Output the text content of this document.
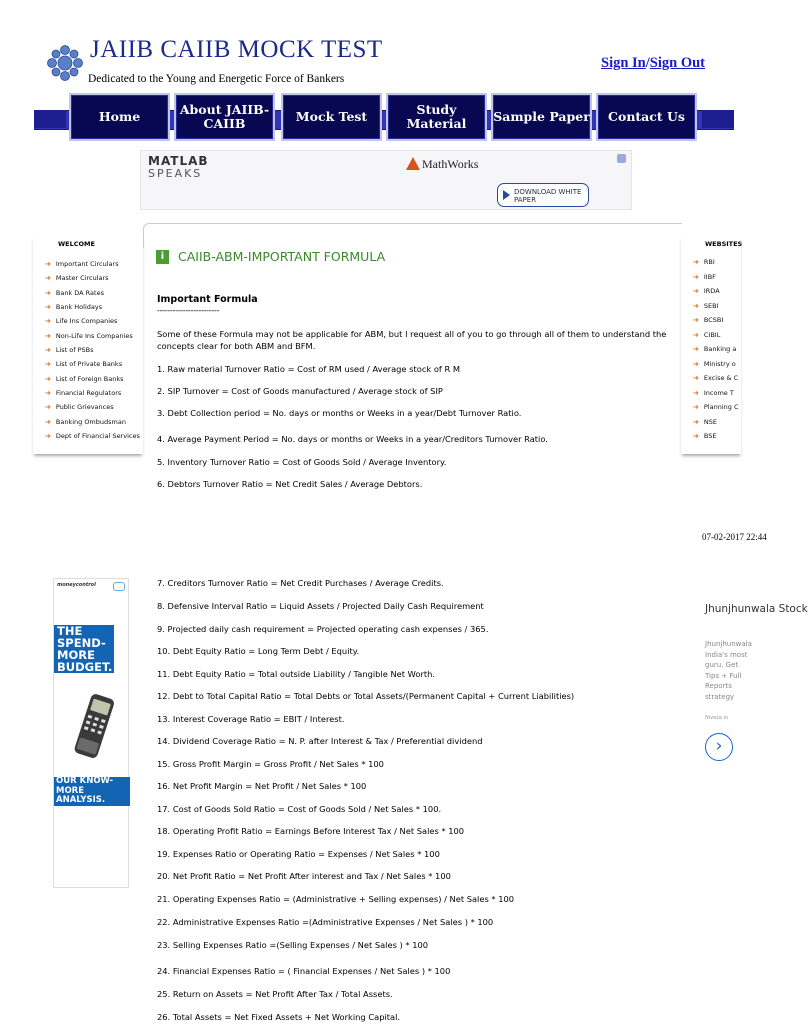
JAIIB CAIIB MOCK TEST
Dedicated to the Young and Energetic Force of Bankers
Sign In/Sign Out
Home	About JAIIB-CAIIB	Mock Test	Study Material	Sample Paper	Contact Us
MATLAB
SPEAKS
MathWorks
DOWNLOAD WHITE PAPER
WELCOME
➜ Important Circulars
➜ Master Circulars
➜ Bank DA Rates
➜ Bank Holidays
➜ Life Ins Companies
➜ Non-Life Ins Companies
➜ List of PSBs
➜ List of Private Banks
➜ List of Foreign Banks
➜ Financial Regulators
➜ Public Grievances
➜ Banking Ombudsman
➜ Dept of Financial Services
WEBSITES
➜ RBI
➜ IIBF
➜ IRDA
➜ SEBI
➜ BCSBI
➜ CIBIL
➜ Banking a
➜ Ministry o
➜ Excise & C
➜ Income T
➜ Planning C
➜ NSE
➜ BSE
i	CAIIB-ABM-IMPORTANT FORMULA
Important Formula
------------------------
Some of these Formula may not be applicable for ABM, but I request all of you to go through all of them to understand the concepts clear for both ABM and BFM.
1. Raw material Turnover Ratio = Cost of RM used / Average stock of R M
2. SIP Turnover = Cost of Goods manufactured / Average stock of SIP
3. Debt Collection period = No. days or months or Weeks in a year/Debt Turnover Ratio.
4. Average Payment Period = No. days or months or Weeks in a year/Creditors Turnover Ratio.
5. Inventory Turnover Ratio = Cost of Goods Sold / Average Inventory.
6. Debtors Turnover Ratio = Net Credit Sales / Average Debtors.
7. Creditors Turnover Ratio = Net Credit Purchases / Average Credits.
8. Defensive Interval Ratio = Liquid Assets / Projected Daily Cash Requirement
9. Projected daily cash requirement = Projected operating cash expenses / 365.
10. Debt Equity Ratio = Long Term Debt / Equity.
11. Debt Equity Ratio = Total outside Liability / Tangible Net Worth.
12. Debt to Total Capital Ratio = Total Debts or Total Assets/(Permanent Capital + Current Liabilities)
13. Interest Coverage Ratio = EBIT / Interest.
14. Dividend Coverage Ratio = N. P. after Interest & Tax / Preferential dividend
15. Gross Profit Margin = Gross Profit / Net Sales * 100
16. Net Profit Margin = Net Profit / Net Sales * 100
17. Cost of Goods Sold Ratio = Cost of Goods Sold / Net Sales * 100.
18. Operating Profit Ratio = Earnings Before Interest Tax / Net Sales * 100
19. Expenses Ratio or Operating Ratio = Expenses / Net Sales * 100
20. Net Profit Ratio = Net Profit After interest and Tax / Net Sales * 100
21. Operating Expenses Ratio = (Administrative + Selling expenses) / Net Sales * 100
22. Administrative Expenses Ratio =(Administrative Expenses / Net Sales ) * 100
23. Selling Expenses Ratio =(Selling Expenses / Net Sales ) * 100
24. Financial Expenses Ratio = ( Financial Expenses / Net Sales ) * 100
25. Return on Assets = Net Profit After Tax / Total Assets.
26. Total Assets = Net Fixed Assets + Net Working Capital.
07-02-2017 22:44
moneycontrol
THE SPEND-MORE BUDGET.
OUR KNOW-MORE ANALYSIS.
Jhunjhunwala Stock
Jhunjhunwala
India's most
guru. Get
Tips + Full
Reports
strategy
Niveza.in
›
